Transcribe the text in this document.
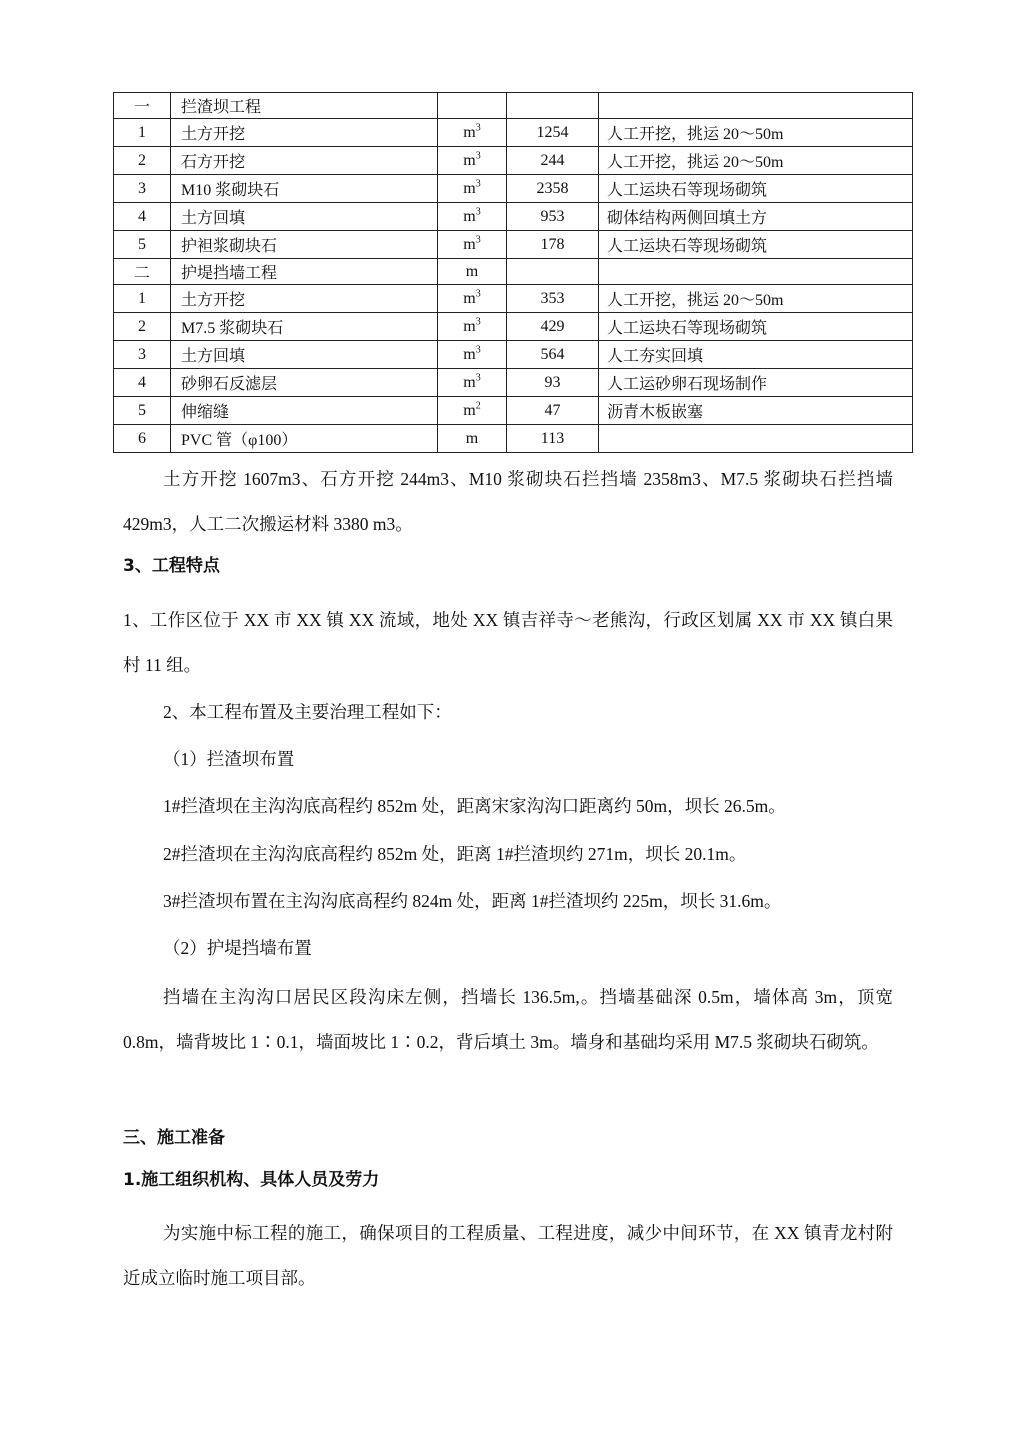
一	拦渣坝工程			
1	土方开挖	$m^3$	1254	人工开挖，挑运 20～50m
2	石方开挖	$m^3$	244	人工开挖，挑运 20～50m
3	M10 浆砌块石	$m^3$	2358	人工运块石等现场砌筑
4	土方回填	$m^3$	953	砌体结构两侧回填土方
5	护袒浆砌块石	$m^3$	178	人工运块石等现场砌筑
二	护堤挡墙工程	m		
1	土方开挖	$m^3$	353	人工开挖，挑运 20～50m
2	M7.5 浆砌块石	$m^3$	429	人工运块石等现场砌筑
3	土方回填	$m^3$	564	人工夯实回填
4	砂卵石反滤层	$m^3$	93	人工运砂卵石现场制作
5	伸缩缝	$m^2$	47	沥青木板嵌塞
6	PVC 管（φ100）	m	113	

土方开挖 1607m3、石方开挖 244m3、M10 浆砌块石拦挡墙 2358m3、M7.5 浆砌块石拦挡墙 429m3，人工二次搬运材料 3380 m3。

3、工程特点

1、工作区位于 XX 市 XX 镇 XX 流域，地处 XX 镇吉祥寺～老熊沟，行政区划属 XX 市 XX 镇白果村 11 组。

2、本工程布置及主要治理工程如下：

（1）拦渣坝布置

1#拦渣坝在主沟沟底高程约 852m 处，距离宋家沟沟口距离约 50m，坝长 26.5m。

2#拦渣坝在主沟沟底高程约 852m 处，距离 1#拦渣坝约 271m，坝长 20.1m。

3#拦渣坝布置在主沟沟底高程约 824m 处，距离 1#拦渣坝约 225m，坝长 31.6m。

（2）护堤挡墙布置

挡墙在主沟沟口居民区段沟床左侧，挡墙长 136.5m,。挡墙基础深 0.5m，墙体高 3m，顶宽 0.8m，墙背坡比 1∶0.1，墙面坡比 1∶0.2，背后填土 3m。墙身和基础均采用 M7.5 浆砌块石砌筑。

三、施工准备

1.施工组织机构、具体人员及劳力

为实施中标工程的施工，确保项目的工程质量、工程进度，减少中间环节，在 XX 镇青龙村附近成立临时施工项目部。
